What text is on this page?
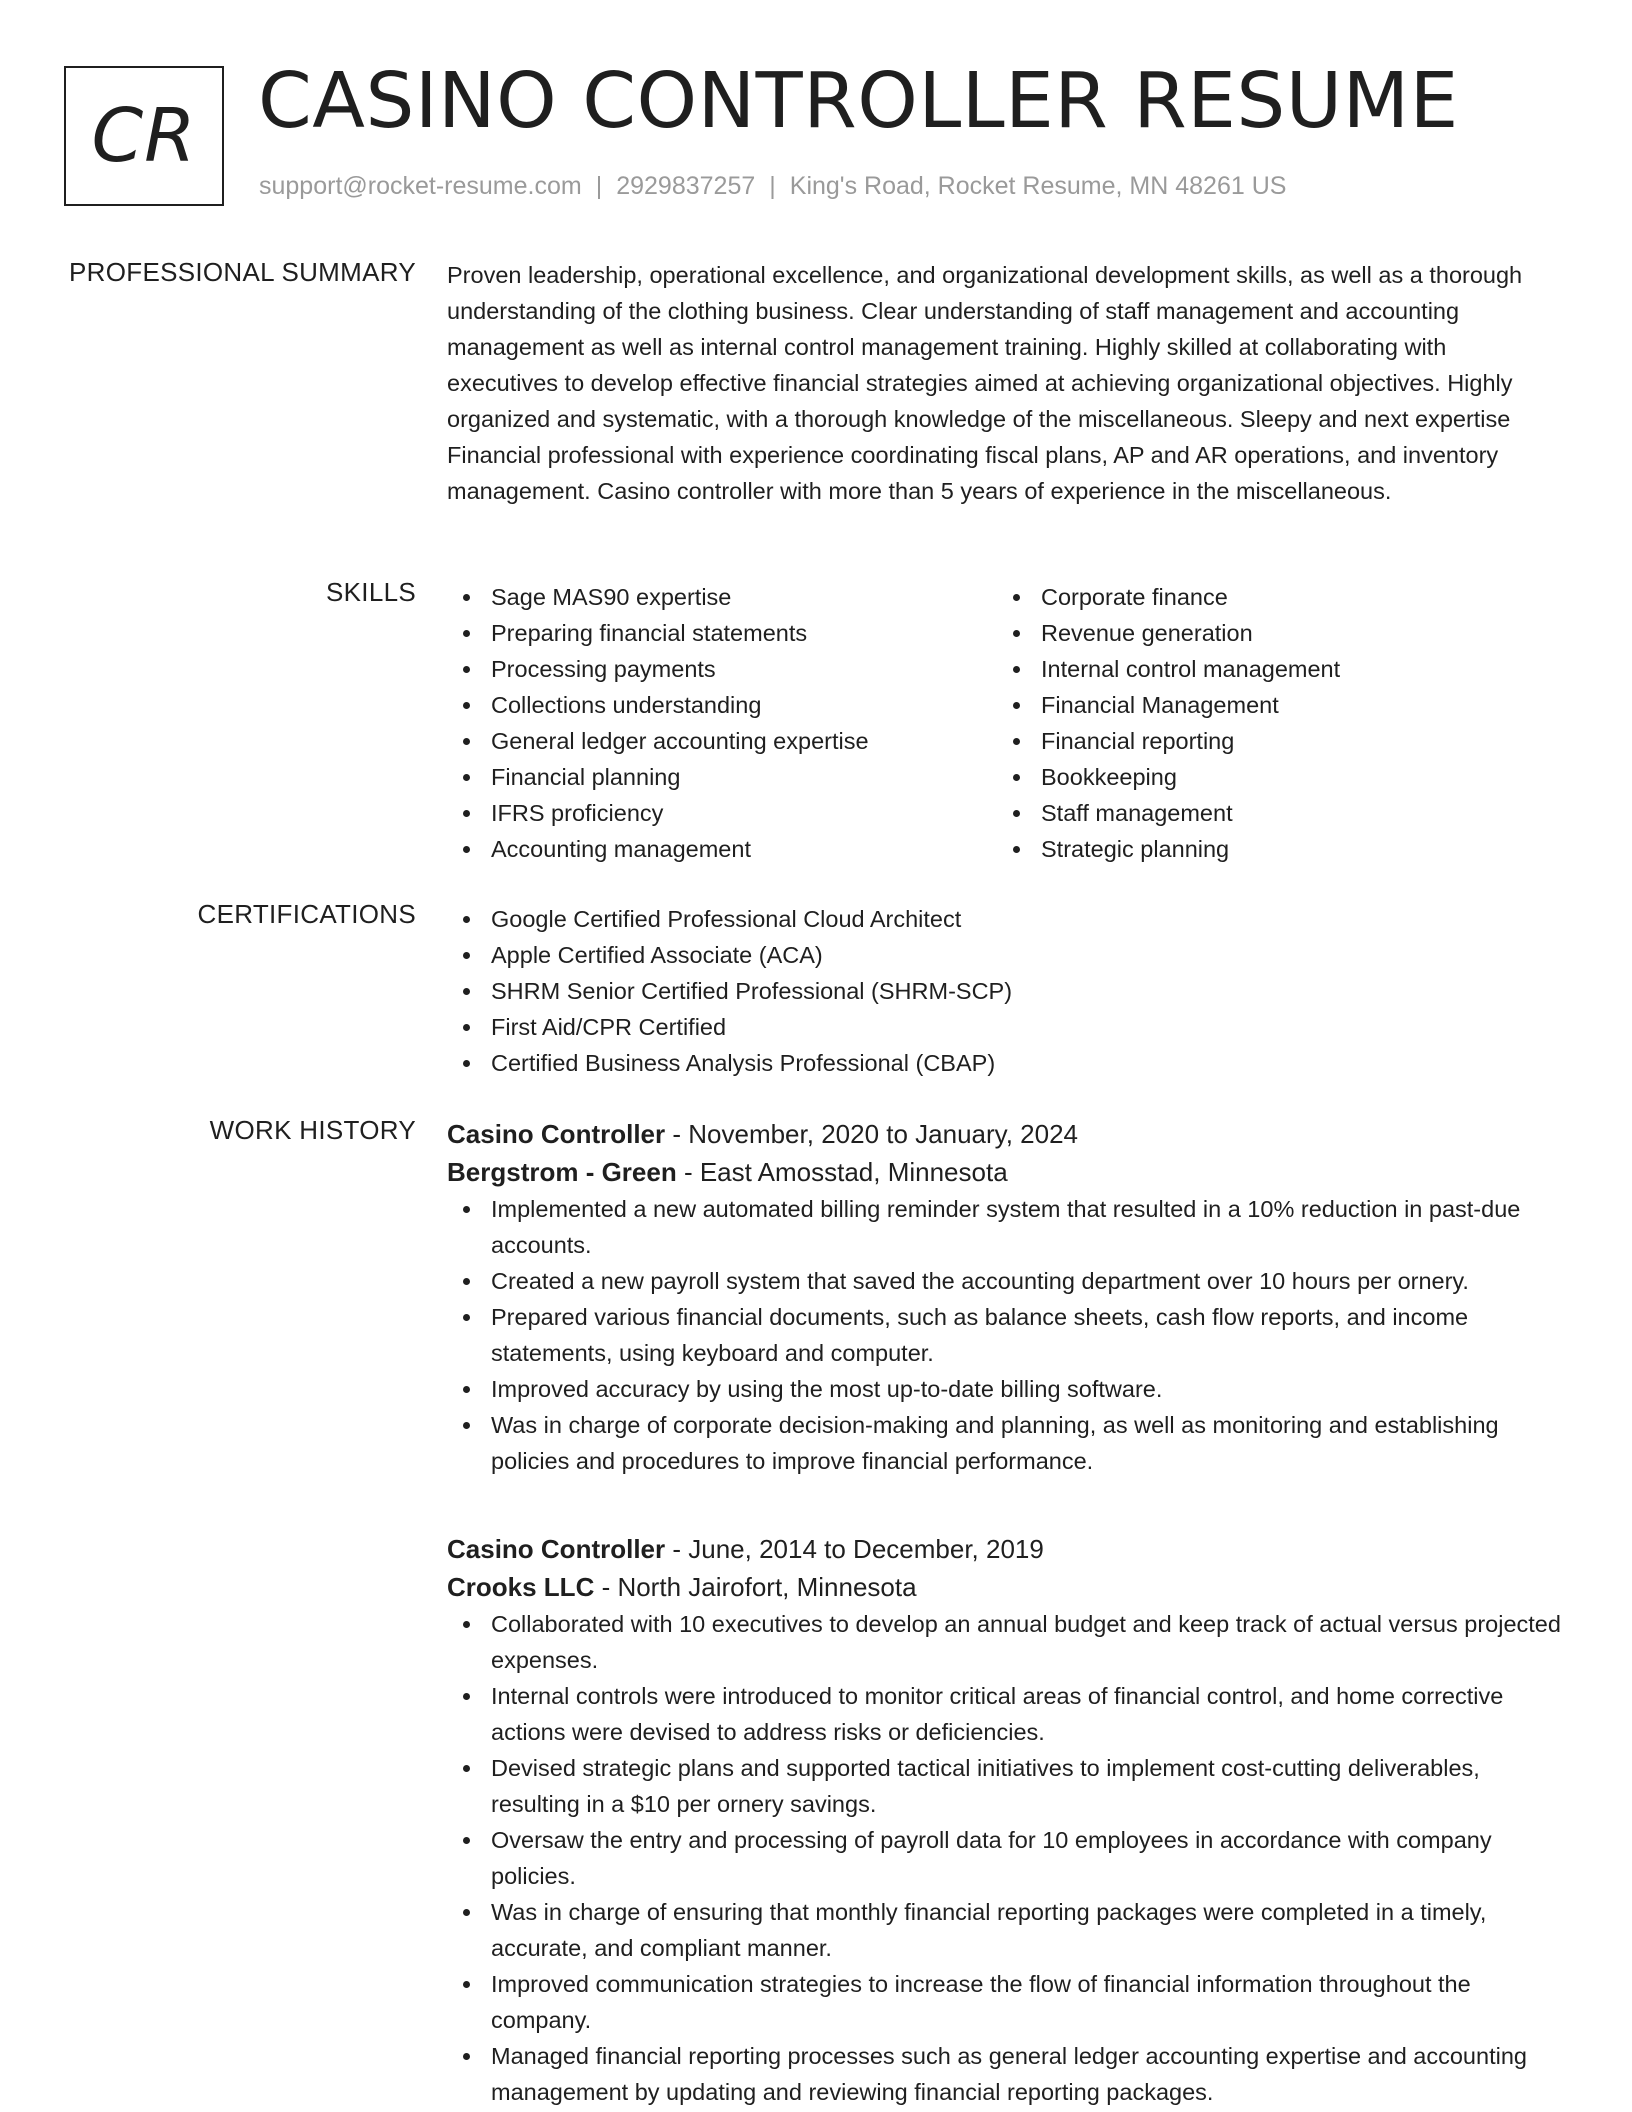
CR CASINO CONTROLLER RESUME
support@rocket-resume.com | 2929837257 | King's Road, Rocket Resume, MN 48261 US
PROFESSIONAL SUMMARY Proven leadership, operational excellence, and organizational development skills, as well as a thorough understanding of the clothing business. Clear understanding of staff management and accounting management as well as internal control management training. Highly skilled at collaborating with executives to develop effective financial strategies aimed at achieving organizational objectives. Highly organized and systematic, with a thorough knowledge of the miscellaneous. Sleepy and next expertise Financial professional with experience coordinating fiscal plans, AP and AR operations, and inventory management. Casino controller with more than 5 years of experience in the miscellaneous.

SKILLS	Sage MAS90 expertise
Preparing financial statements
Processing payments
Collections understanding
General ledger accounting expertise
Financial planning
IFRS proficiency
Accounting management
Corporate finance
Revenue generation
Internal control management
Financial Management
Financial reporting
Bookkeeping
Staff management
Strategic planning
CERTIFICATIONS	Google Certified Professional Cloud Architect
Apple Certified Associate (ACA)
SHRM Senior Certified Professional (SHRM-SCP)
First Aid/CPR Certified
Certified Business Analysis Professional (CBAP)
WORK HISTORY Casino Controller - November, 2020 to January, 2024
Bergstrom - Green - East Amosstad, Minnesota
Implemented a new automated billing reminder system that resulted in a 10% reduction in past-due accounts.
Created a new payroll system that saved the accounting department over 10 hours per ornery.
Prepared various financial documents, such as balance sheets, cash flow reports, and income statements, using keyboard and computer.
Improved accuracy by using the most up-to-date billing software.
Was in charge of corporate decision-making and planning, as well as monitoring and establishing policies and procedures to improve financial performance.
Casino Controller - June, 2014 to December, 2019
Crooks LLC - North Jairofort, Minnesota
Collaborated with 10 executives to develop an annual budget and keep track of actual versus projected expenses.
Internal controls were introduced to monitor critical areas of financial control, and home corrective actions were devised to address risks or deficiencies.
Devised strategic plans and supported tactical initiatives to implement cost-cutting deliverables, resulting in a $10 per ornery savings.
Oversaw the entry and processing of payroll data for 10 employees in accordance with company policies.
Was in charge of ensuring that monthly financial reporting packages were completed in a timely, accurate, and compliant manner.
Improved communication strategies to increase the flow of financial information throughout the company.
Managed financial reporting processes such as general ledger accounting expertise and accounting management by updating and reviewing financial reporting packages.
